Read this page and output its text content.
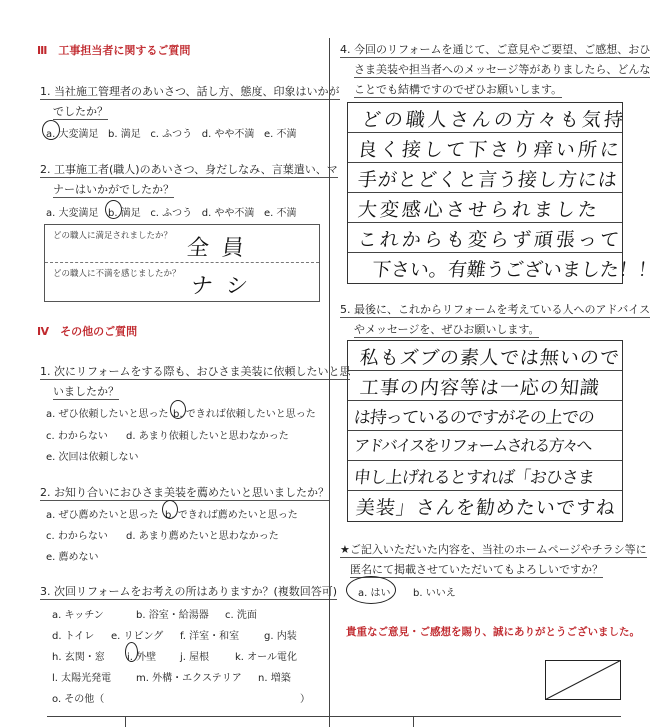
Ⅲ　工事担当者に関するご質問
1. 当社施工管理者のあいさつ、話し方、態度、印象はいかが
でしたか？
a. 大変満足 b. 満足 c. ふつう d. やや不満 e. 不満
2. 工事施工者(職人)のあいさつ、身だしなみ、言葉遣い、マ
ナーはいかがでしたか？
a. 大変満足 b. 満足 c. ふつう d. やや不満 e. 不満
どの職人に満足されましたか？ 全 員
どの職人に不満を感じましたか？ ナ シ
Ⅳ　その他のご質問
1. 次にリフォームをする際も、おひさま美装に依頼したいと思
いましたか？
a. ぜひ依頼したいと思った b. できれば依頼したいと思った
c. わからない d. あまり依頼したいと思わなかった
e. 次回は依頼しない
2. お知り合いにおひさま美装を薦めたいと思いましたか？
a. ぜひ薦めたいと思った b. できれば薦めたいと思った
c. わからない d. あまり薦めたいと思わなかった
e. 薦めない
3. 次回リフォームをお考えの所はありますか？(複数回答可)
a. キッチン	b. 浴室・給湯器 c. 洗面
d. トイレ e. リビング f. 洋室・和室 g. 内装
h. 玄関・窓 i. 外壁 j. 屋根	k. オール電化
l. 太陽光発電 m. 外構・エクステリア n. 増築
o. その他（	）
4. 今回のリフォームを通じて、ご意見やご要望、ご感想、おひ
さま美装や担当者へのメッセージ等がありましたら、どんな
ことでも結構ですのでぜひお願いします。
どの職人さんの方々も気持
良く接して下さり痒い所に
手がとどくと言う接し方には
大変感心させられました
これからも変らず頑張って
下さい。有難うございました！！
5. 最後に、これからリフォームを考えている人へのアドバイス
やメッセージを、ぜひお願いします。
私もズブの素人では無いので
工事の内容等は一応の知識
は持っているのですがその上での
アドバイスをリフォームされる方々へ
申し上げれるとすれば「おひさま
美装」さんを勧めたいですね
★ご記入いただいた内容を、当社のホームページやチラシ等に
匿名にて掲載させていただいてもよろしいですか？
a. はい b. いいえ
貴重なご意見・ご感想を賜り、誠にありがとうございました。
